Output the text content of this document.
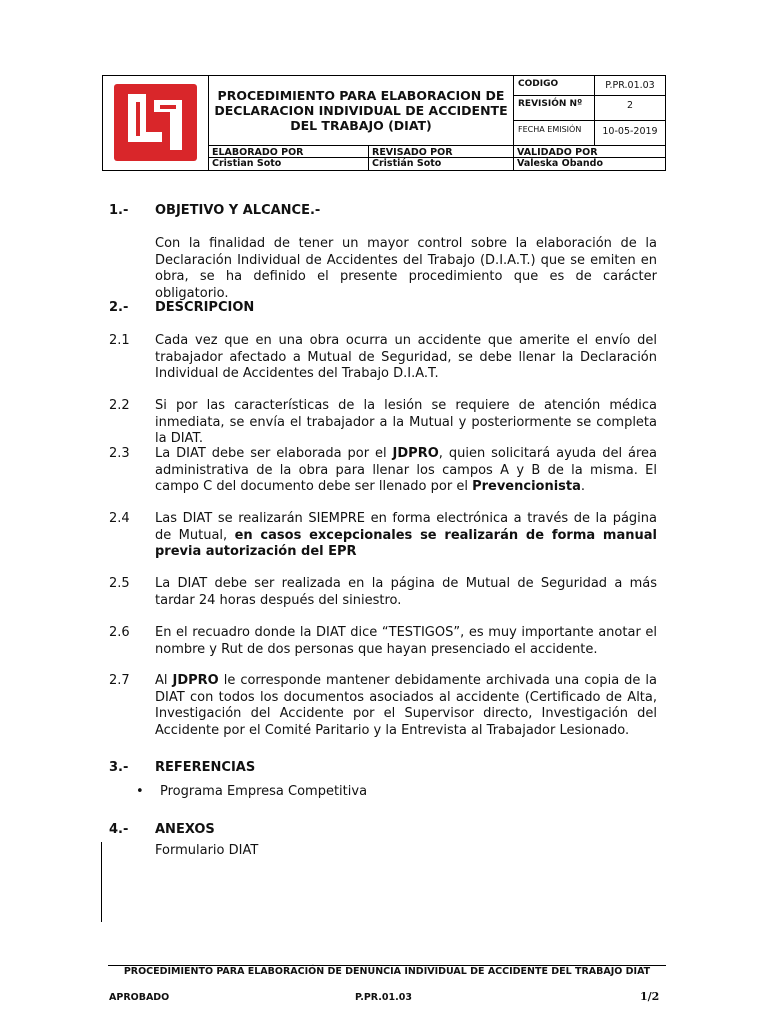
PROCEDIMIENTO PARA ELABORACION DE DECLARACION INDIVIDUAL DE ACCIDENTE DEL TRABAJO (DIAT)
CODIGO	P.PR.01.03
REVISIÓN Nº	2
FECHA EMISIÓN	10-05-2019
ELABORADO POR	REVISADO POR	VALIDADO POR
Cristian Soto	Cristián Soto	Valeska Obando
1.- OBJETIVO Y ALCANCE.-
Con la finalidad de tener un mayor control sobre la elaboración de la Declaración Individual de Accidentes del Trabajo (D.I.A.T.) que se emiten en obra, se ha definido el presente procedimiento que es de carácter obligatorio.
2.- DESCRIPCION
2.1 Cada vez que en una obra ocurra un accidente que amerite el envío del trabajador afectado a Mutual de Seguridad, se debe llenar la Declaración Individual de Accidentes del Trabajo D.I.A.T.
2.2 Si por las características de la lesión se requiere de atención médica inmediata, se envía el trabajador a la Mutual y posteriormente se completa la DIAT.
2.3 La DIAT debe ser elaborada por el JDPRO, quien solicitará ayuda del área administrativa de la obra para llenar los campos A y B de la misma. El campo C del documento debe ser llenado por el Prevencionista.
2.4 Las DIAT se realizarán SIEMPRE en forma electrónica a través de la página de Mutual, en casos excepcionales se realizarán de forma manual previa autorización del EPR
2.5 La DIAT debe ser realizada en la página de Mutual de Seguridad a más tardar 24 horas después del siniestro.
2.6 En el recuadro donde la DIAT dice “TESTIGOS”, es muy importante anotar el nombre y Rut de dos personas que hayan presenciado el accidente.
2.7 Al JDPRO le corresponde mantener debidamente archivada una copia de la DIAT con todos los documentos asociados al accidente (Certificado de Alta, Investigación del Accidente por el Supervisor directo, Investigación del Accidente por el Comité Paritario y la Entrevista al Trabajador Lesionado.
3.- REFERENCIAS
• Programa Empresa Competitiva
4.- ANEXOS
Formulario DIAT
PROCEDIMIENTO PARA ELABORACIÓN DE DENUNCIA INDIVIDUAL DE ACCIDENTE DEL TRABAJO DIAT
APROBADO	P.PR.01.03	1/2
